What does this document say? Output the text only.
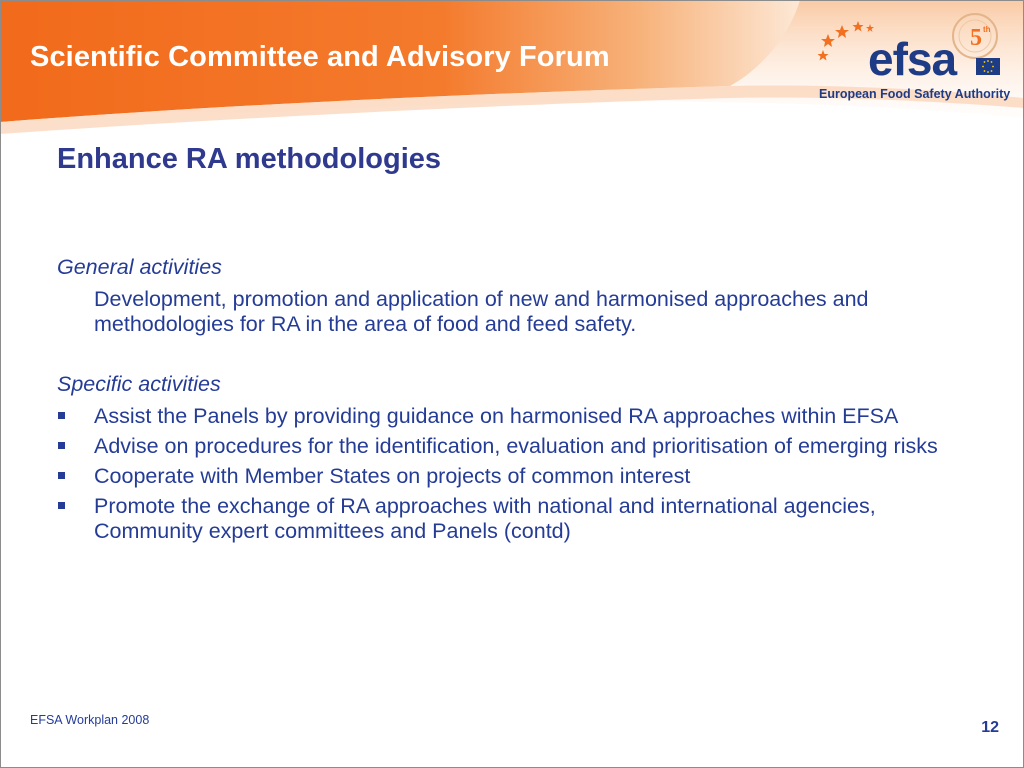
Scientific Committee and Advisory Forum
5 th
efsa
European Food Safety Authority
Enhance RA methodologies

General activities

Development, promotion and application of new and harmonised approaches and methodologies for RA in the area of food and feed safety.

Specific activities

Assist the Panels by providing guidance on harmonised RA approaches within EFSA
Advise on procedures for the identification, evaluation and prioritisation of emerging risks
Cooperate with Member States on projects of common interest
Promote the exchange of RA approaches with national and international agencies, Community expert committees and Panels (contd)

EFSA Workplan 2008	12
